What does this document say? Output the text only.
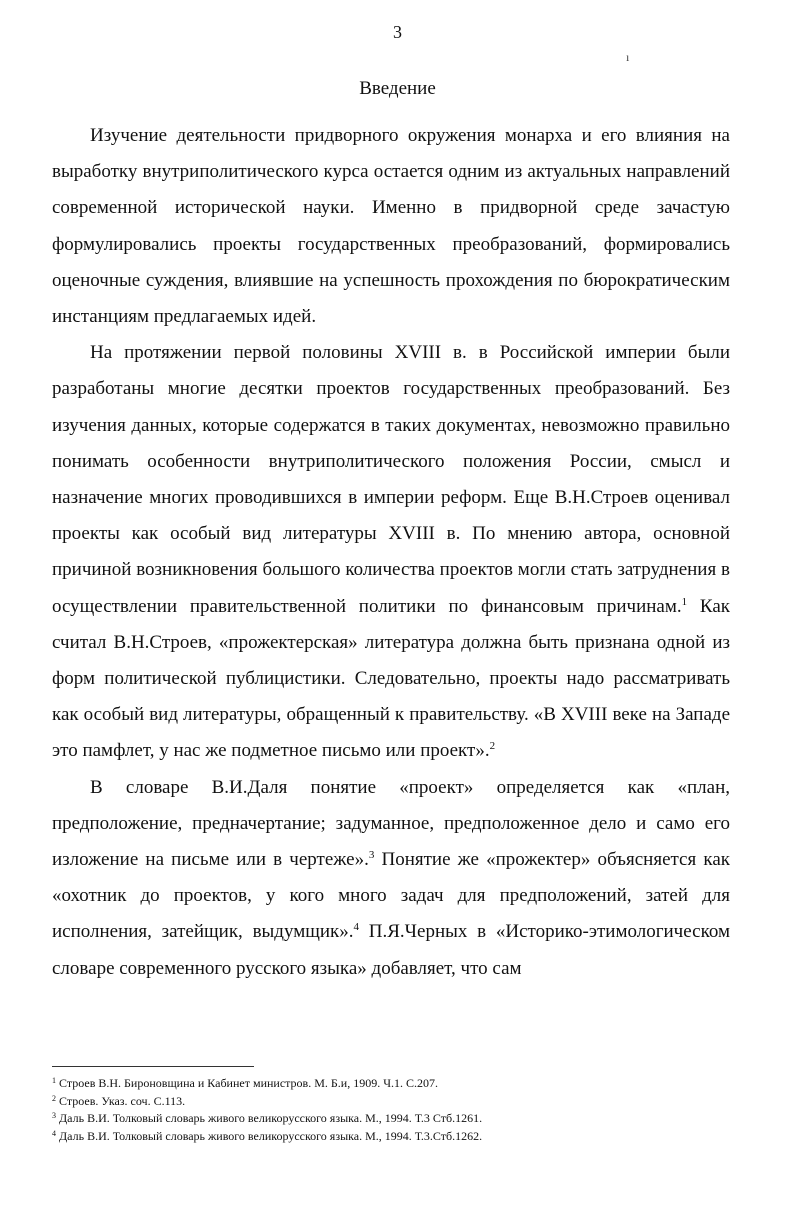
3
ı
Введение

Изучение деятельности придворного окружения монарха и его влияния на выработку внутриполитического курса остается одним из актуальных направлений современной исторической науки. Именно в придворной среде зачастую формулировались проекты государственных преобразований, формировались оценочные суждения, влиявшие на успешность прохождения по бюрократическим инстанциям предлагаемых идей.

На протяжении первой половины XVIII в. в Российской империи были разработаны многие десятки проектов государственных преобразований. Без изучения данных, которые содержатся в таких документах, невозможно правильно понимать особенности внутриполитического положения России, смысл и назначение многих проводившихся в империи реформ. Еще В.Н.Строев оценивал проекты как особый вид литературы XVIII в. По мнению автора, основной причиной возникновения большого количества проектов могли стать затруднения в осуществлении правительственной политики по финансовым причинам.$^1$ Как считал В.Н.Строев, «прожектерская» литература должна быть признана одной из форм политической публицистики. Следовательно, проекты надо рассматривать как особый вид литературы, обращенный к правительству. «В XVIII веке на Западе это памфлет, у нас же подметное письмо или проект».$^2$

В словаре В.И.Даля понятие «проект» определяется как «план, предположение, предначертание; задуманное, предположенное дело и само его изложение на письме или в чертеже».$^3$ Понятие же «прожектер» объясняется как «охотник до проектов, у кого много задач для предположений, затей для исполнения, затейщик, выдумщик».$^4$ П.Я.Черных в «Историко-этимологическом словаре современного русского языка» добавляет, что сам

$^1$ Строев В.Н. Бироновщина и Кабинет министров. М. Б.и, 1909. Ч.1. С.207.
$^2$ Строев. Указ. соч. С.113.
$^3$ Даль В.И. Толковый словарь живого великорусского языка. М., 1994. Т.3 Стб.1261.
$^4$ Даль В.И. Толковый словарь живого великорусского языка. М., 1994. Т.3.Стб.1262.
